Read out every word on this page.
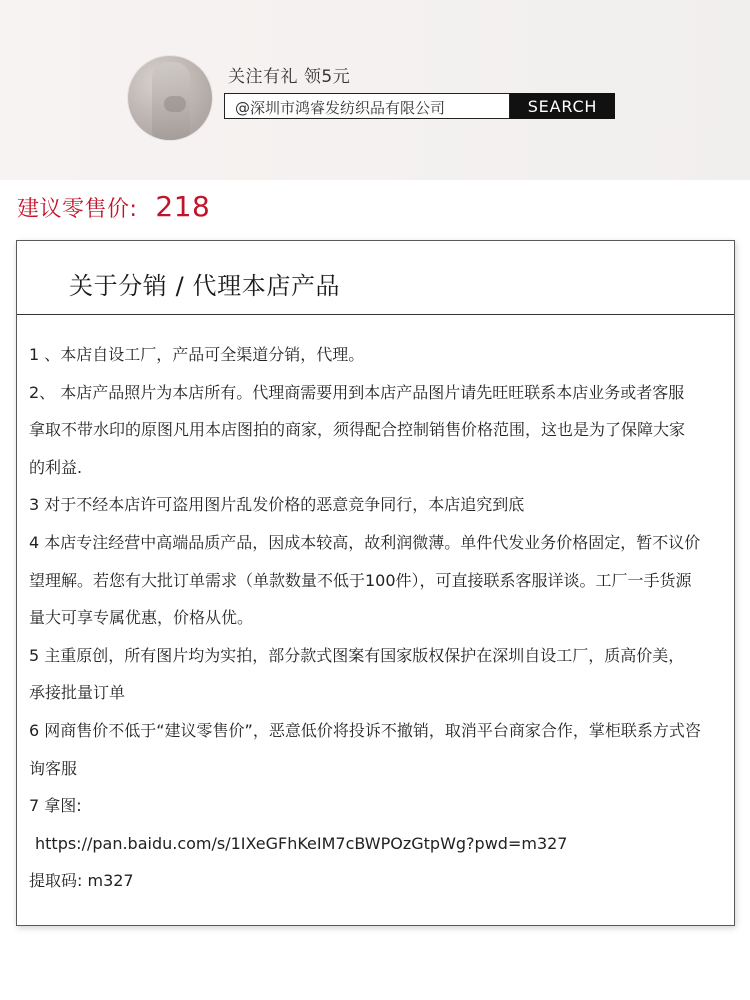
关注有礼 领5元
@深圳市鸿睿发纺织品有限公司	SEARCH
建议零售价: 218
关于分销 / 代理本店产品
1 、本店自设工厂，产品可全渠道分销，代理。
2、 本店产品照片为本店所有。代理商需要用到本店产品图片请先旺旺联系本店业务或者客服
拿取不带水印的原图凡用本店图拍的商家，须得配合控制销售价格范围，这也是为了保障大家
的利益.
3 对于不经本店许可盗用图片乱发价格的恶意竞争同行，本店追究到底
4 本店专注经营中高端品质产品，因成本较高，故利润微薄。单件代发业务价格固定，暂不议价
望理解。若您有大批订单需求（单款数量不低于100件），可直接联系客服详谈。工厂一手货源
量大可享专属优惠，价格从优。
5 主重原创，所有图片均为实拍，部分款式图案有国家版权保护在深圳自设工厂，质高价美，
承接批量订单
6 网商售价不低于“建议零售价”，恶意低价将投诉不撤销，取消平台商家合作，掌柜联系方式咨
询客服
7 拿图:
https://pan.baidu.com/s/1IXeGFhKeIM7cBWPOzGtpWg?pwd=m327
提取码: m327
